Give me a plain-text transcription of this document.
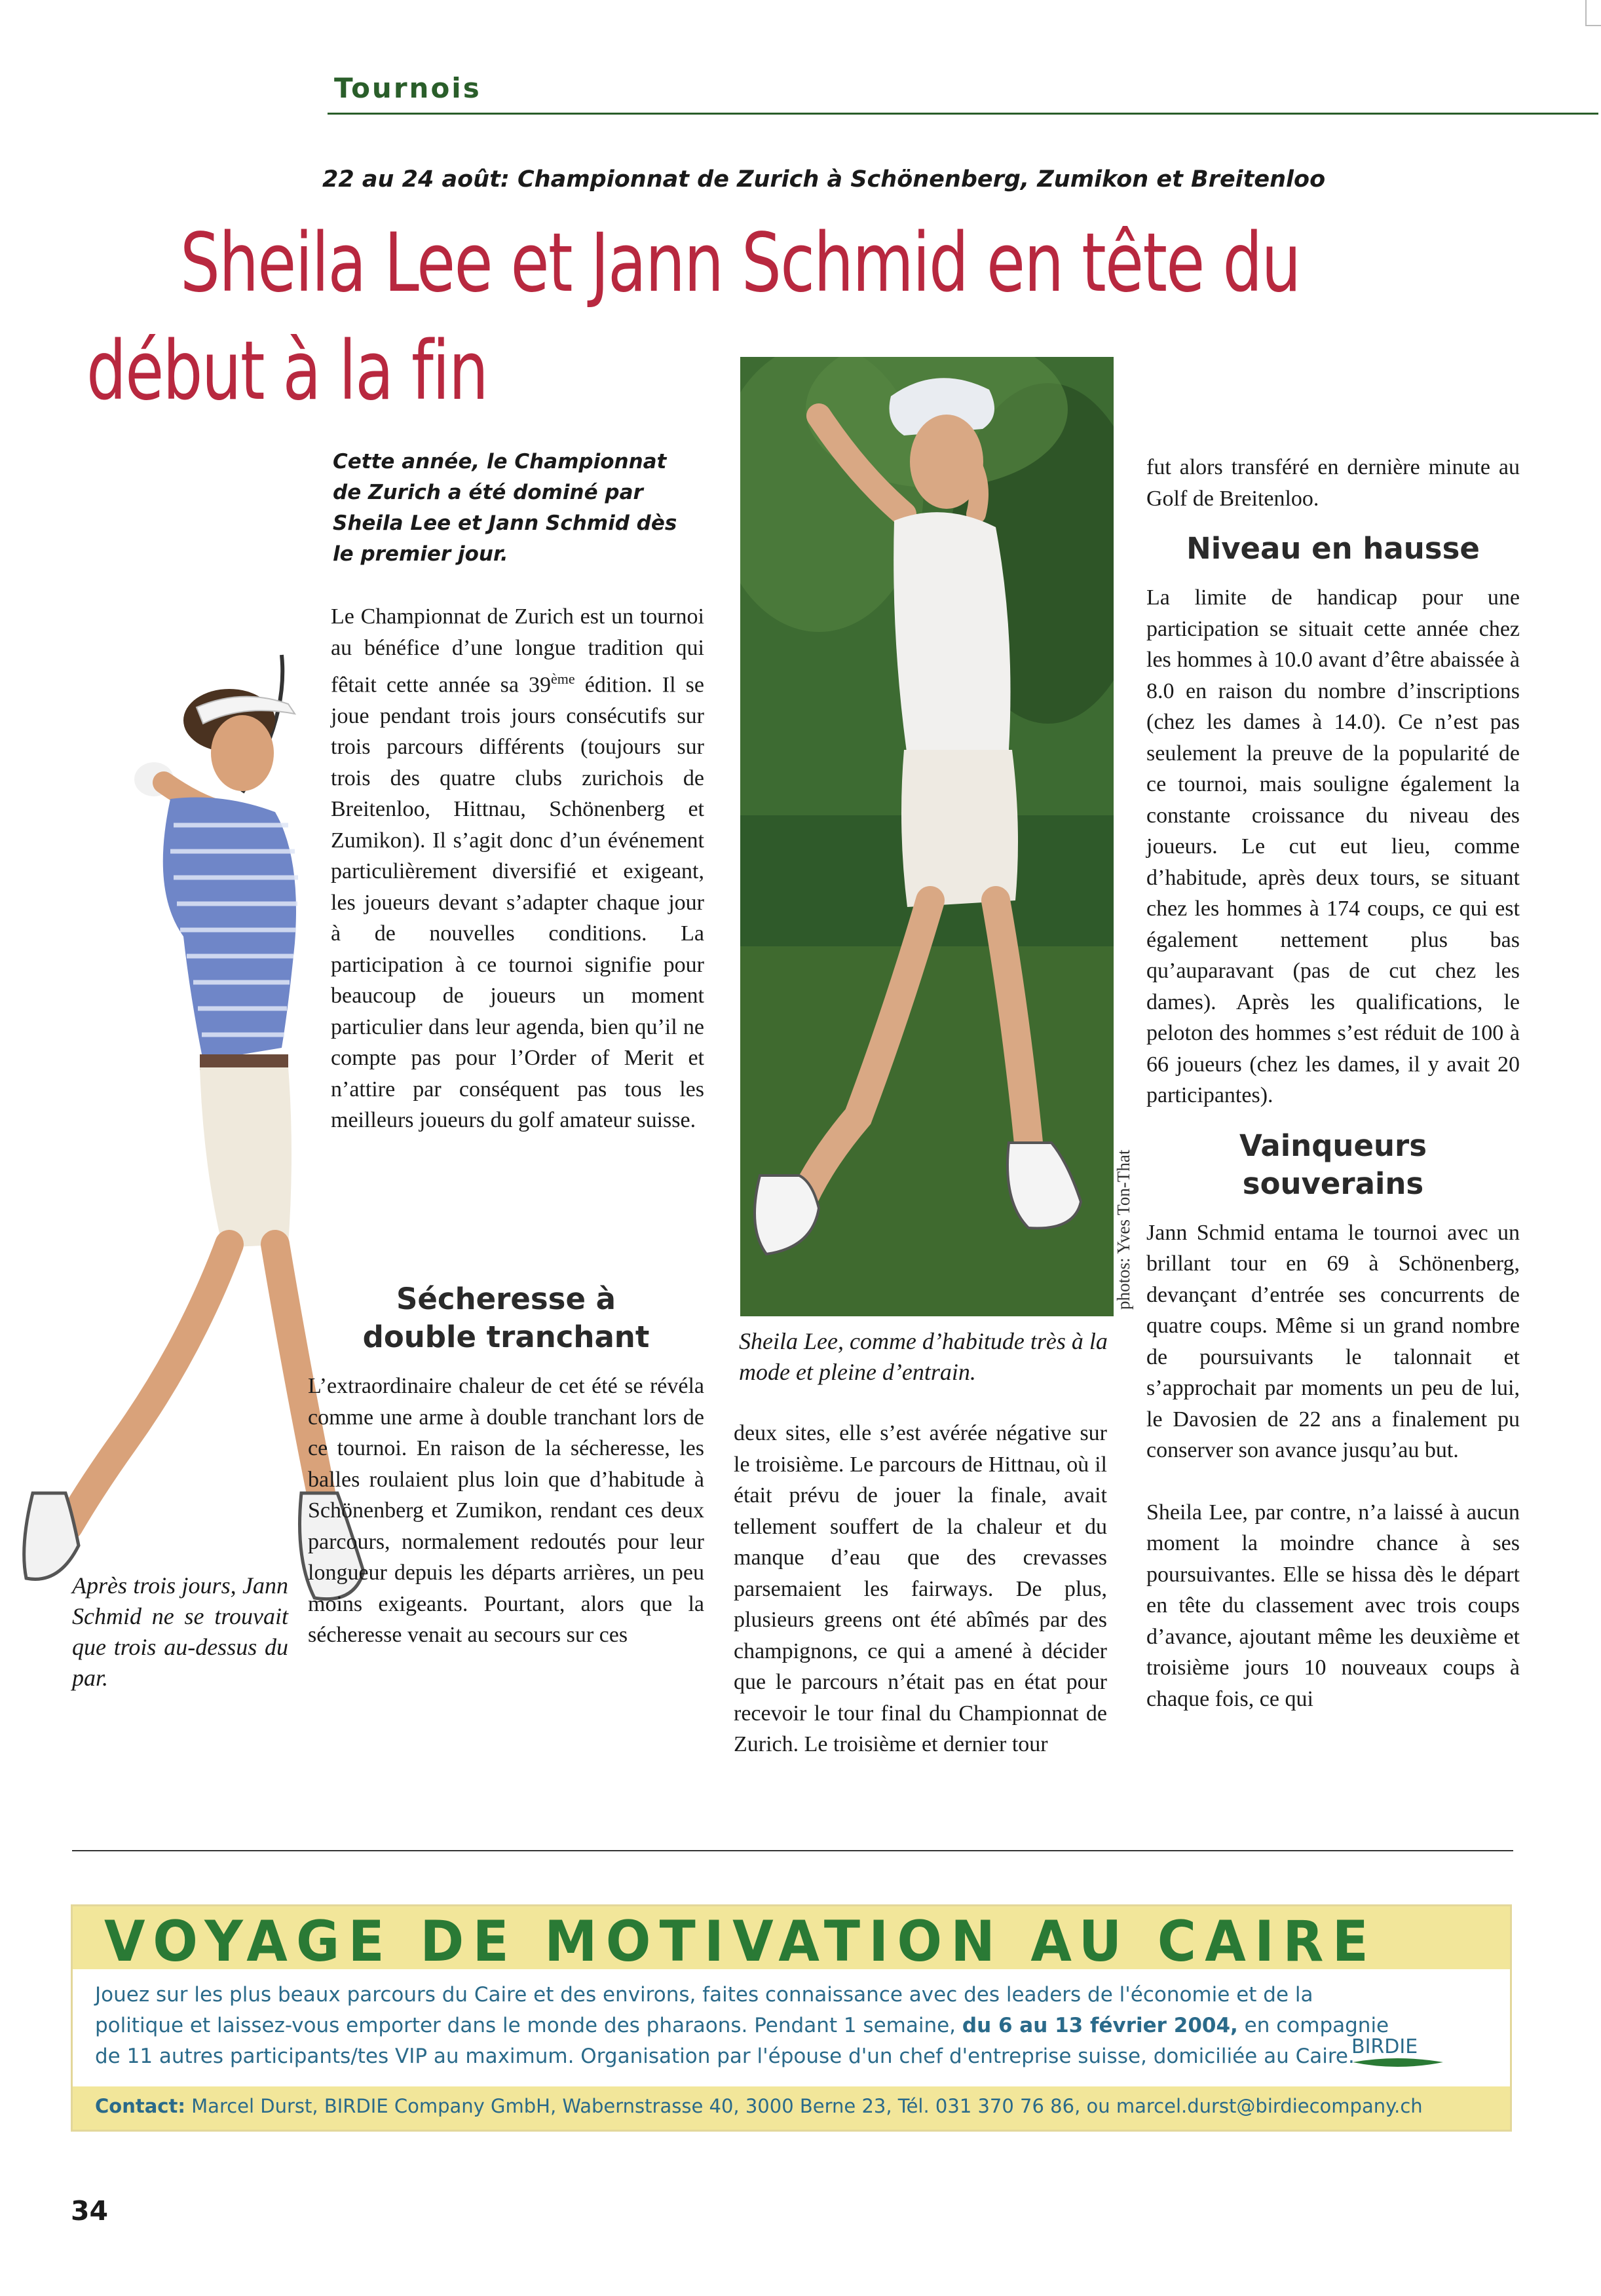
Tournois
22 au 24 août: Championnat de Zurich à Schönenberg, Zumikon et Breitenloo
Sheila Lee et Jann Schmid en tête du
début à la fin
Cette année, le Championnat de Zurich a été dominé par Sheila Lee et Jann Schmid dès le premier jour.
photos: Yves Ton-That

Le Championnat de Zurich est un tournoi au bénéfice d’une longue tradition qui fêtait cette année sa 39ème édition. Il se joue pendant trois jours consécutifs sur trois parcours différents (toujours sur trois des quatre clubs zurichois de Breitenloo, Hittnau, Schönenberg et Zumikon). Il s’agit donc d’un événement particulièrement diversifié et exigeant, les joueurs devant s’adapter chaque jour à de nouvelles conditions. La participation à ce tournoi signifie pour beaucoup de joueurs un moment particulier dans leur agenda, bien qu’il ne compte pas pour l’Order of Merit et n’attire par conséquent pas tous les meilleurs joueurs du golf amateur suisse.

Après trois jours, Jann Schmid ne se trouvait que trois au-dessus du par.
Sécheresse à
double tranchant

L’extraordinaire chaleur de cet été se révéla comme une arme à double tranchant lors de ce tournoi. En raison de la sécheresse, les balles roulaient plus loin que d’habitude à Schönenberg et Zumikon, rendant ces deux parcours, normalement redoutés pour leur longueur depuis les départs arrières, un peu moins exigeants. Pourtant, alors que la sécheresse venait au secours sur ces

Sheila Lee, comme d’habitude très à la mode et pleine d’entrain.

deux sites, elle s’est avérée négative sur le troisième. Le parcours de Hittnau, où il était prévu de jouer la finale, avait tellement souffert de la chaleur et du manque d’eau que des crevasses parsemaient les fairways. De plus, plusieurs greens ont été abîmés par des champignons, ce qui a amené à décider que le parcours n’était pas en état pour recevoir le tour final du Championnat de Zurich. Le troisième et dernier tour

fut alors transféré en dernière minute au Golf de Breitenloo.

Niveau en hausse

La limite de handicap pour une participation se situait cette année chez les hommes à 10.0 avant d’être abaissée à 8.0 en raison du nombre d’inscriptions (chez les dames à 14.0). Ce n’est pas seulement la preuve de la popularité de ce tournoi, mais souligne également la constante croissance du niveau des joueurs. Le cut eut lieu, comme d’habitude, après deux tours, se situant chez les hommes à 174 coups, ce qui est également nettement plus bas qu’auparavant (pas de cut chez les dames). Après les qualifications, le peloton des hommes s’est réduit de 100 à 66 joueurs (chez les dames, il y avait 20 participantes).

Vainqueurs souverains

Jann Schmid entama le tournoi avec un brillant tour en 69 à Schönenberg, devançant d’entrée ses concurrents de quatre coups. Même si un grand nombre de poursuivants le talonnait et s’approchait par moments un peu de lui, le Davosien de 22 ans a finalement pu conserver son avance jusqu’au but.

Sheila Lee, par contre, n’a laissé à aucun moment la moindre chance à ses poursuivantes. Elle se hissa dès le départ en tête du classement avec trois coups d’avance, ajoutant même les deuxième et troisième jours 10 nouveaux coups à chaque fois, ce qui

VOYAGE DE MOTIVATION AU CAIRE
Jouez sur les plus beaux parcours du Caire et des environs, faites connaissance avec des leaders de l'économie et de la politique et laissez-vous emporter dans le monde des pharaons. Pendant 1 semaine, du 6 au 13 février 2004, en compagnie de 11 autres participants/tes VIP au maximum. Organisation par l'épouse d'un chef d'entreprise suisse, domiciliée au Caire.
BIRDIE
Contact: Marcel Durst, BIRDIE Company GmbH, Wabernstrasse 40, 3000 Berne 23, Tél. 031 370 76 86, ou marcel.durst@birdiecompany.ch
34
